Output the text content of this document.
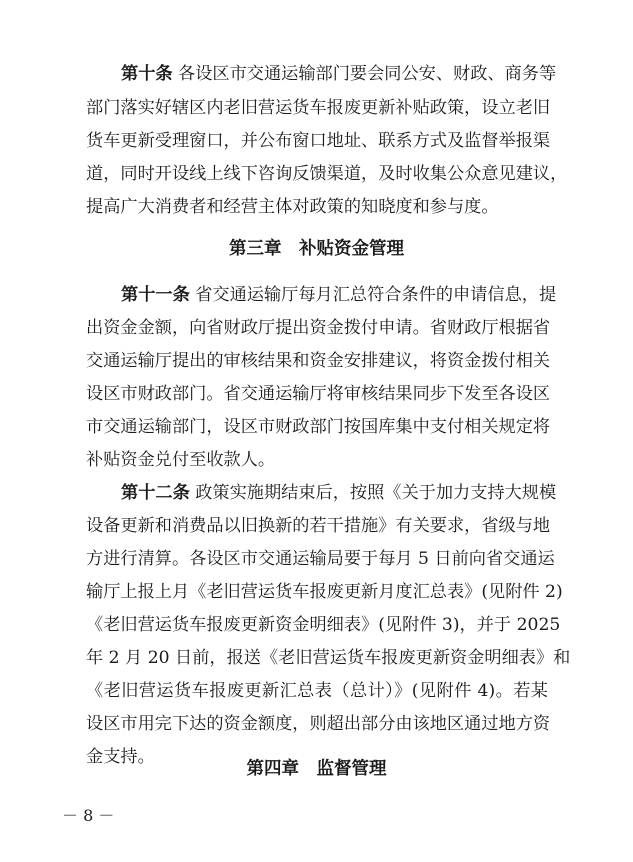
第十条 各设区市交通运输部门要会同公安、财政、商务等
部门落实好辖区内老旧营运货车报废更新补贴政策，设立老旧
货车更新受理窗口，并公布窗口地址、联系方式及监督举报渠
道，同时开设线上线下咨询反馈渠道，及时收集公众意见建议，
提高广大消费者和经营主体对政策的知晓度和参与度。
第三章　补贴资金管理
第十一条 省交通运输厅每月汇总符合条件的申请信息，提
出资金金额，向省财政厅提出资金拨付申请。省财政厅根据省
交通运输厅提出的审核结果和资金安排建议，将资金拨付相关
设区市财政部门。省交通运输厅将审核结果同步下发至各设区
市交通运输部门，设区市财政部门按国库集中支付相关规定将
补贴资金兑付至收款人。
第十二条 政策实施期结束后，按照《关于加力支持大规模
设备更新和消费品以旧换新的若干措施》有关要求，省级与地
方进行清算。各设区市交通运输局要于每月 5 日前向省交通运
输厅上报上月《老旧营运货车报废更新月度汇总表》(见附件 2)
《老旧营运货车报废更新资金明细表》(见附件 3)，并于 2025
年 2 月 20 日前，报送《老旧营运货车报废更新资金明细表》和
《老旧营运货车报废更新汇总表（总计）》(见附件 4)。若某
设区市用完下达的资金额度，则超出部分由该地区通过地方资
金支持。
第四章　监督管理
－ 8 －
